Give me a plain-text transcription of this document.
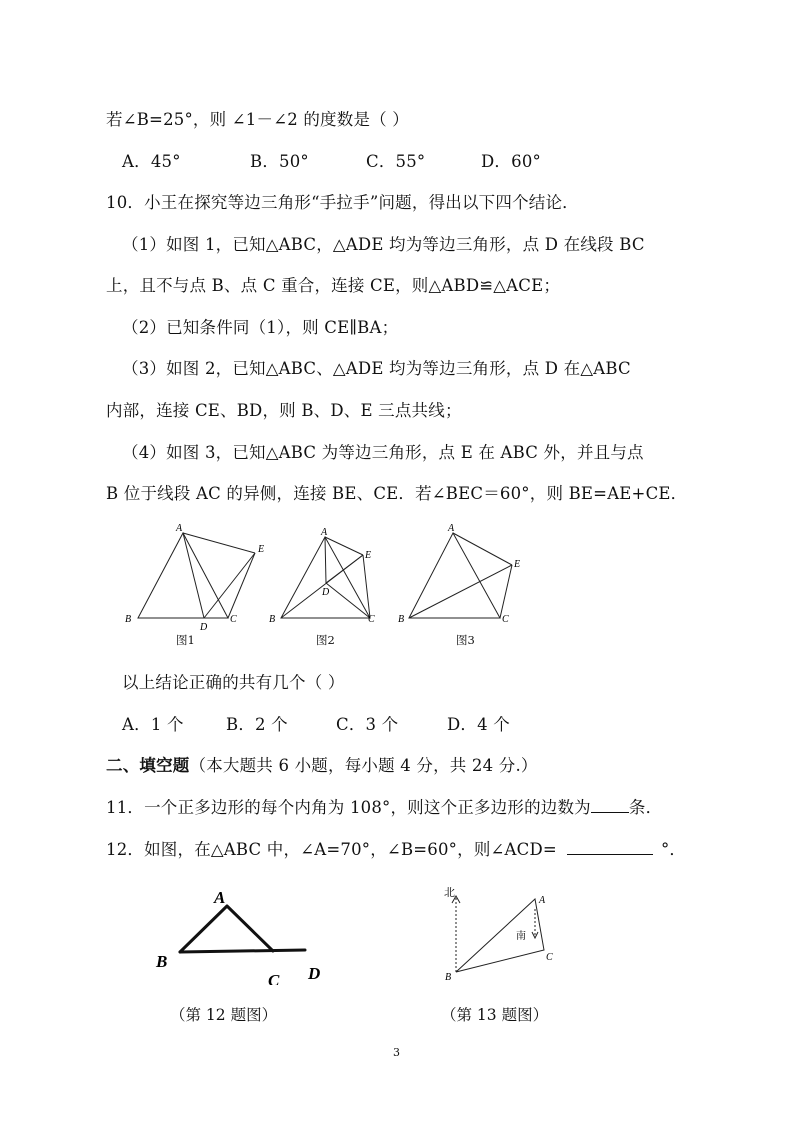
若∠B=25°，则 ∠1－∠2 的度数是（ ）
A．45°	B．50°	C．55°	D．60°
10．小王在探究等边三角形“手拉手”问题，得出以下四个结论．
（1）如图 1，已知△ABC，△ADE 均为等边三角形，点 D 在线段 BC
上，且不与点 B、点 C 重合，连接 CE，则△ABD≌△ACE；
（2）已知条件同（1），则 CE∥BA；
（3）如图 2，已知△ABC、△ADE 均为等边三角形，点 D 在△ABC
内部，连接 CE、BD，则 B、D、E 三点共线；
（4）如图 3，已知△ABC 为等边三角形，点 E 在 ABC 外，并且与点
B 位于线段 AC 的异侧，连接 BE、CE．若∠BEC＝60°，则 BE=AE+CE．
A
B	C
D
E
图1
A
B	C
D
E
图2
A
B	C
E
图3
以上结论正确的共有几个（ ）
A．1 个	B．2 个	C．3 个	D．4 个
二、填空题（本大题共 6 小题，每小题 4 分，共 24 分.）
11．一个正多边形的每个内角为 108°，则这个正多边形的边数为 条．
12．如图，在△ABC 中，∠A=70°，∠B=60°，则∠ACD=	°．
A
B
C D
（第 12 题图）
北
南
A
B
C
（第 13 题图）
3
